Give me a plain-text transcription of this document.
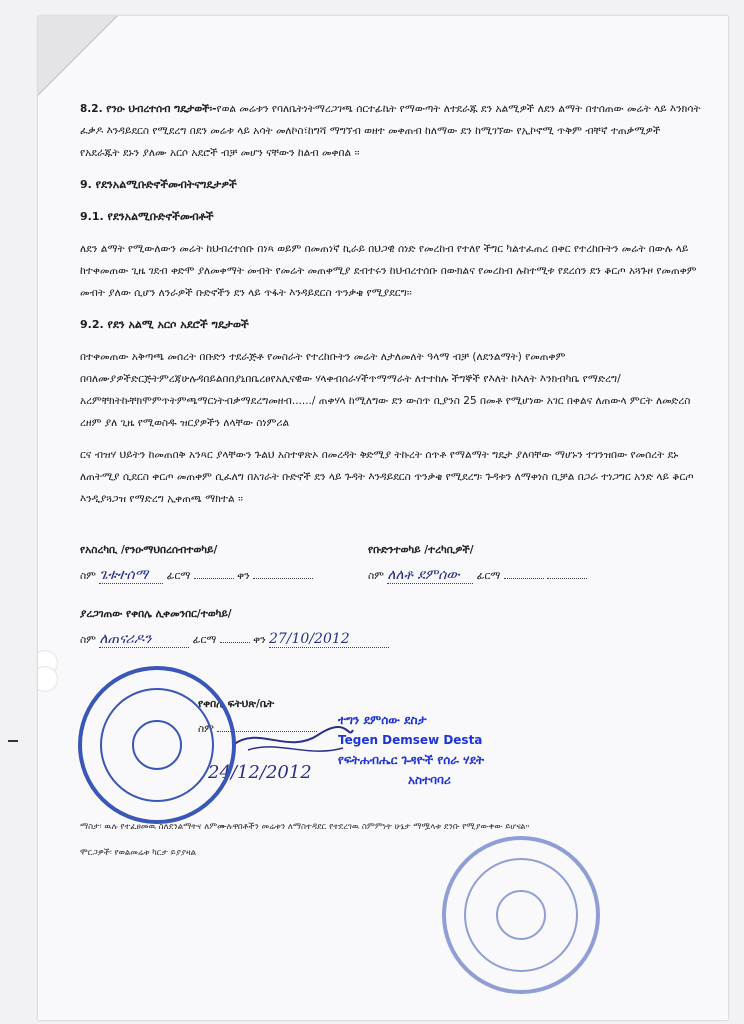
8.2. የንዑ ህብረተሰብ ግዴታወች፡-የወል መሬቱን የባለቤትነትማረጋገጫ ሰርተፊኬት የማውጣት ለተደራጁ ደን አልሚዎች ለደን ልማት በተሰጠው መሬት ላይ እንክሳት ፈቃዶ እንዳይደርስ የሚደረግ በደን መሬቱ ላይ አሳት መለኮስ፣ከግሻ ማግኘብ ወዘተ መቀጠብ ከለማው ደን ከሚገኘው የኢኮኖሚ ጥቅም ብቸኛ ተጠቃሚዎች የአደራጁት ደኑን ያለሙ አርሶ አደሮች ብቻ መሆን ናቸውን ከልብ መቀበል ፡፡

9. የደንአልሚቡድኖችመብትናግዴታዎች

9.1. የደንአልሚቡድኖችመብቶች

ለደን ልማት የሚውለውን መሬት ከህብረተሰቡ በነጻ ወይም በመጠነኛ ኪራይ በህጋዊ ሰነድ የመረከብ የተለየ ችግር ካልተፈጠረ በቀር የተረከቡትን መሬት በውሉ ላይ ከተቀመጠው ጊዜ ገደብ ቀድሞ ያለመቀማት መብት የመሬት መጠቀሚያ ደብተሩን ከህብረተሰቡ በውክልና የመረከብ ሉከተሚቱ የደረሰን ደን ቆርጦ አጓጉዞ የመጠቀም መብት ያለው ሲሆን ለንራዎች ቡድኖችን ደን ላይ ጥፋት እንዳይደርስ ጥንቃቄ የሚያደርግ፡፡

9.2. የደን አልሚ አርሶ አደሮች ግዴታወች

በተቀመጠው አቅጣጫ መሰረት በቡድን ተደራጅቶ የመስራት የተረከቡትን መሬት ለታለመለት ዓላማ ብቻ (ለደንልማት) የመጠቀም በባለሙያዎችድርጅትምረጃሁሉዳበይልበበያኒበቤረፀየአሊናዊው ሃላቀብሰራሃችጥማማራት ለተተከሉ ችግኞች የእለት ከእለት እንክብካቤ የማድረግ/አረምቸክትኩቸክሞምጥትምጫማርነትብቃማደረግመዘብ....../ ጠቀሃላ ከሚለግው ደን ውስጥ ቢያንስ 25 በመቶ የሚሆነው አገር በቀልና ለጠውላ ምርት ለመድረስ ረዘም ያለ ጊዜ የሚወስዱ ዝርያዎችን ለላቸው ስነምሪል

ርና ብዝሃ ህይትን ከመጠበቅ አንጻር ያላቸውን ጉልህ አስተዋጽኦ በመረዳት ቅድሚያ ትኩረት ሰጥቶ የማልማት ግዴታ ያለባቸው ማሆኑን ተገንዝበው የመሰረት ደኑ ለጠትሚያ ሲደርስ ቀርጦ መጠቀም ሲፈለግ በአገራት ቡድኖች ደን ላይ ጉዳት እንዳይደርስ ጥንቃቄ የሚደረግ፡ ጉዳቱን ለማቀነስ ቢቻል በጋራ ተነጋግር አንድ ላይ ቆርጦ እንዲያጓጋዝ የማድረግ ኢቀጠጫ ማክተል ፡፡

የአስረካቢ /የንዑማህበረሰብተወካይ/
ስም ጌቱተሰማ ፊርማ	ቀን
የቡድንተወካይ /ተረካቢዎች/
ስም ለለቶ ደምሰው ፊርማ
ያረጋገጠው የቀበሌ ሊቀመንበር/ተወካይ/
ስም ለጠናሪዶን	ፊርማ	ቀን 27/10/2012
የቀበሌ ፍትህጽ/ቤት
ስም
24/12/2012
ተግን ደምሰው ደስታ
Tegen Demsew Desta
የፍትሐብሔር ጉዳዮች የሰራ ሃደት
አስተባባሪ
ማስታ፡ ዉሉ የተፈፀመዉ ስለደንልማትና ለምሙሉዋበቶችን መሬቱን ለማስተዳደር የተደረገዉ ስምምነት ሁኔታ ማሟላቱ ደንቡ የሚያውቀው ይሆናል።
ሞርጋዎች፡ የወልመሬቱ ካርታ ይያያዛል
